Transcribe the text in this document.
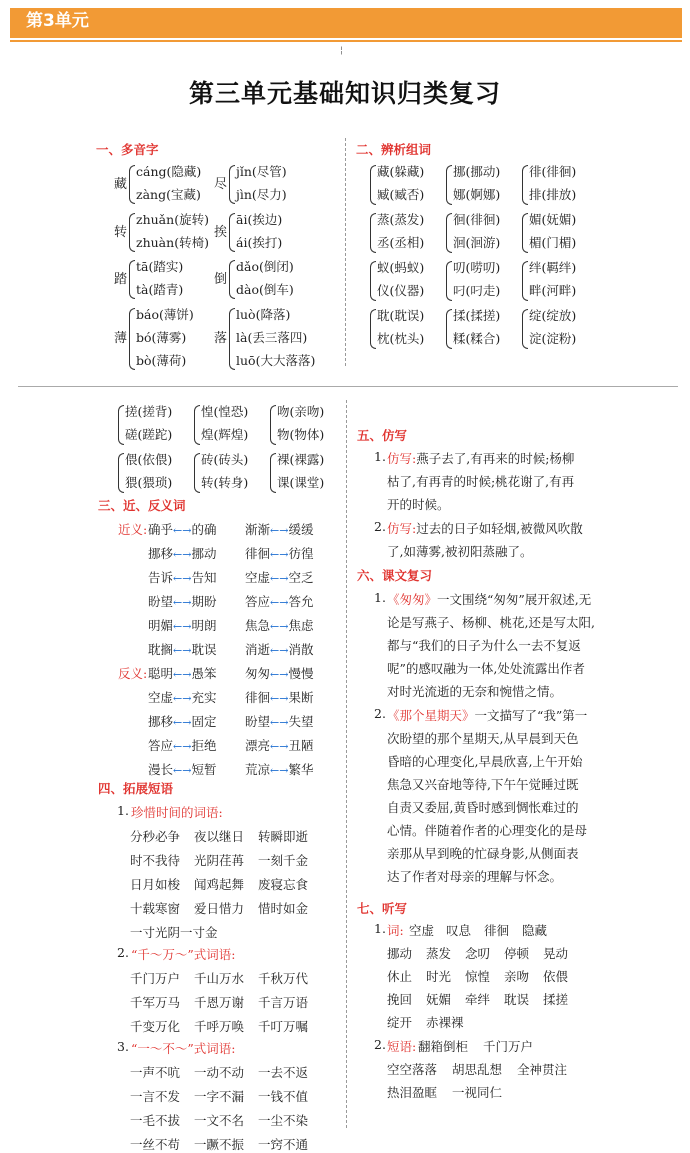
第3单元
¦
第三单元基础知识归类复习
一、多音字
藏
cáng(隐藏)
zàng(宝藏)
尽
jǐn(尽管)
jìn(尽力)
转
zhuǎn(旋转)
zhuàn(转椅)
挨
āi(挨边)
ái(挨打)
踏
tā(踏实)
tà(踏青)
倒
dǎo(倒闭)
dào(倒车)
薄
báo(薄饼)
bó(薄雾)
bò(薄荷)
落
luò(降落)
là(丢三落四)
luō(大大落落)
二、辨析组词
藏(躲藏)
臧(臧否)
挪(挪动)
娜(婀娜)
徘(徘徊)
排(排放)
蒸(蒸发)
丞(丞相)
徊(徘徊)
洄(洄游)
媚(妩媚)
楣(门楣)
蚁(蚂蚁)
仪(仪器)
叨(唠叨)
叼(叼走)
绊(羁绊)
畔(河畔)
耽(耽误)
枕(枕头)
揉(揉搓)
糅(糅合)
绽(绽放)
淀(淀粉)
搓(搓背)
磋(蹉跎)
惶(惶恐)
煌(辉煌)
吻(亲吻)
物(物体)
偎(依偎)
猥(猥琐)
砖(砖头)
转(转身)
裸(裸露)
课(课堂)
三、近、反义词
近义: 确乎←→的确 渐渐←→缓缓
挪移←→挪动 徘徊←→彷徨
告诉←→告知 空虚←→空乏
盼望←→期盼 答应←→答允
明媚←→明朗 焦急←→焦虑
耽搁←→耽误 消逝←→消散
反义: 聪明←→愚笨 匆匆←→慢慢
空虚←→充实 徘徊←→果断
挪移←→固定 盼望←→失望
答应←→拒绝 漂亮←→丑陋
漫长←→短暂 荒凉←→繁华
四、拓展短语
1. 珍惜时间的词语:
分秒必争 夜以继日 转瞬即逝
时不我待 光阴荏苒 一刻千金
日月如梭 闻鸡起舞 废寝忘食
十载寒窗 爱日惜力 惜时如金
一寸光阴一寸金
2. “千～万～”式词语:
千门万户 千山万水 千秋万代
千军万马 千恩万谢 千言万语
千变万化 千呼万唤 千叮万嘱
3. “一～不～”式词语:
一声不吭 一动不动 一去不返
一言不发 一字不漏 一钱不值
一毛不拔 一文不名 一尘不染
一丝不苟 一蹶不振 一窍不通
五、仿写
1. 仿写:燕子去了,有再来的时候;杨柳
枯了,有再青的时候;桃花谢了,有再
开的时候。
2. 仿写:过去的日子如轻烟,被微风吹散
了,如薄雾,被初阳蒸融了。
六、课文复习
1. 《匆匆》一文围绕“匆匆”展开叙述,无
论是写燕子、杨柳、桃花,还是写太阳,
都与“我们的日子为什么一去不复返
呢”的感叹融为一体,处处流露出作者
对时光流逝的无奈和惋惜之情。
2. 《那个星期天》一文描写了“我”第一
次盼望的那个星期天,从早晨到天色
昏暗的心理变化,早晨欣喜,上午开始
焦急又兴奋地等待,下午午觉睡过既
自责又委屈,黄昏时感到惆怅难过的
心情。伴随着作者的心理变化的是母
亲那从早到晚的忙碌身影,从侧面表
达了作者对母亲的理解与怀念。
七、听写
1. 词: 空虚 叹息 徘徊 隐藏
挪动 蒸发 念叨 停顿 晃动
休止 时光 惊惶 亲吻 依偎
挽回 妩媚 牵绊 耽误 揉搓
绽开 赤裸裸
2. 短语: 翻箱倒柜 千门万户
空空落落 胡思乱想 全神贯注
热泪盈眶 一视同仁
